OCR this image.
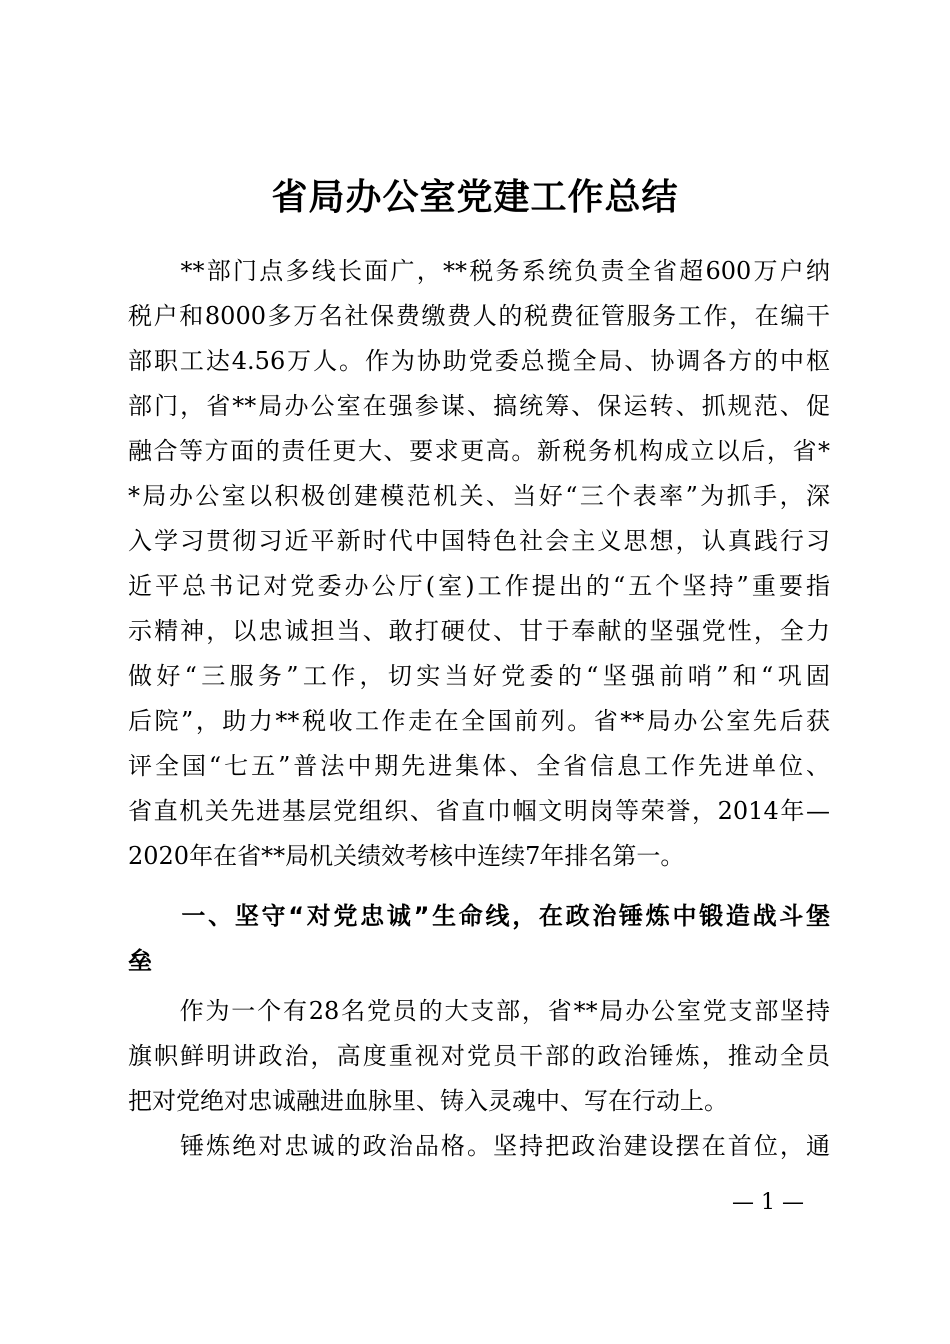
省局办公室党建工作总结
　　**部门点多线长面广，**税务系统负责全省超600万户纳
税户和8000多万名社保费缴费人的税费征管服务工作，在编干
部职工达4.56万人。作为协助党委总揽全局、协调各方的中枢
部门，省**局办公室在强参谋、搞统筹、保运转、抓规范、促
融合等方面的责任更大、要求更高。新税务机构成立以后，省*
*局办公室以积极创建模范机关、当好“三个表率”为抓手，深
入学习贯彻习近平新时代中国特色社会主义思想，认真践行习
近平总书记对党委办公厅(室)工作提出的“五个坚持”重要指
示精神，以忠诚担当、敢打硬仗、甘于奉献的坚强党性，全力
做好“三服务”工作，切实当好党委的“坚强前哨”和“巩固
后院”，助力**税收工作走在全国前列。省**局办公室先后获
评全国“七五”普法中期先进集体、全省信息工作先进单位、
省直机关先进基层党组织、省直巾帼文明岗等荣誉，2014年—
2020年在省**局机关绩效考核中连续7年排名第一。
　　一、坚守“对党忠诚”生命线，在政治锤炼中锻造战斗堡
垒
　　作为一个有28名党员的大支部，省**局办公室党支部坚持
旗帜鲜明讲政治，高度重视对党员干部的政治锤炼，推动全员
把对党绝对忠诚融进血脉里、铸入灵魂中、写在行动上。
　　锤炼绝对忠诚的政治品格。坚持把政治建设摆在首位，通
— 1 —
